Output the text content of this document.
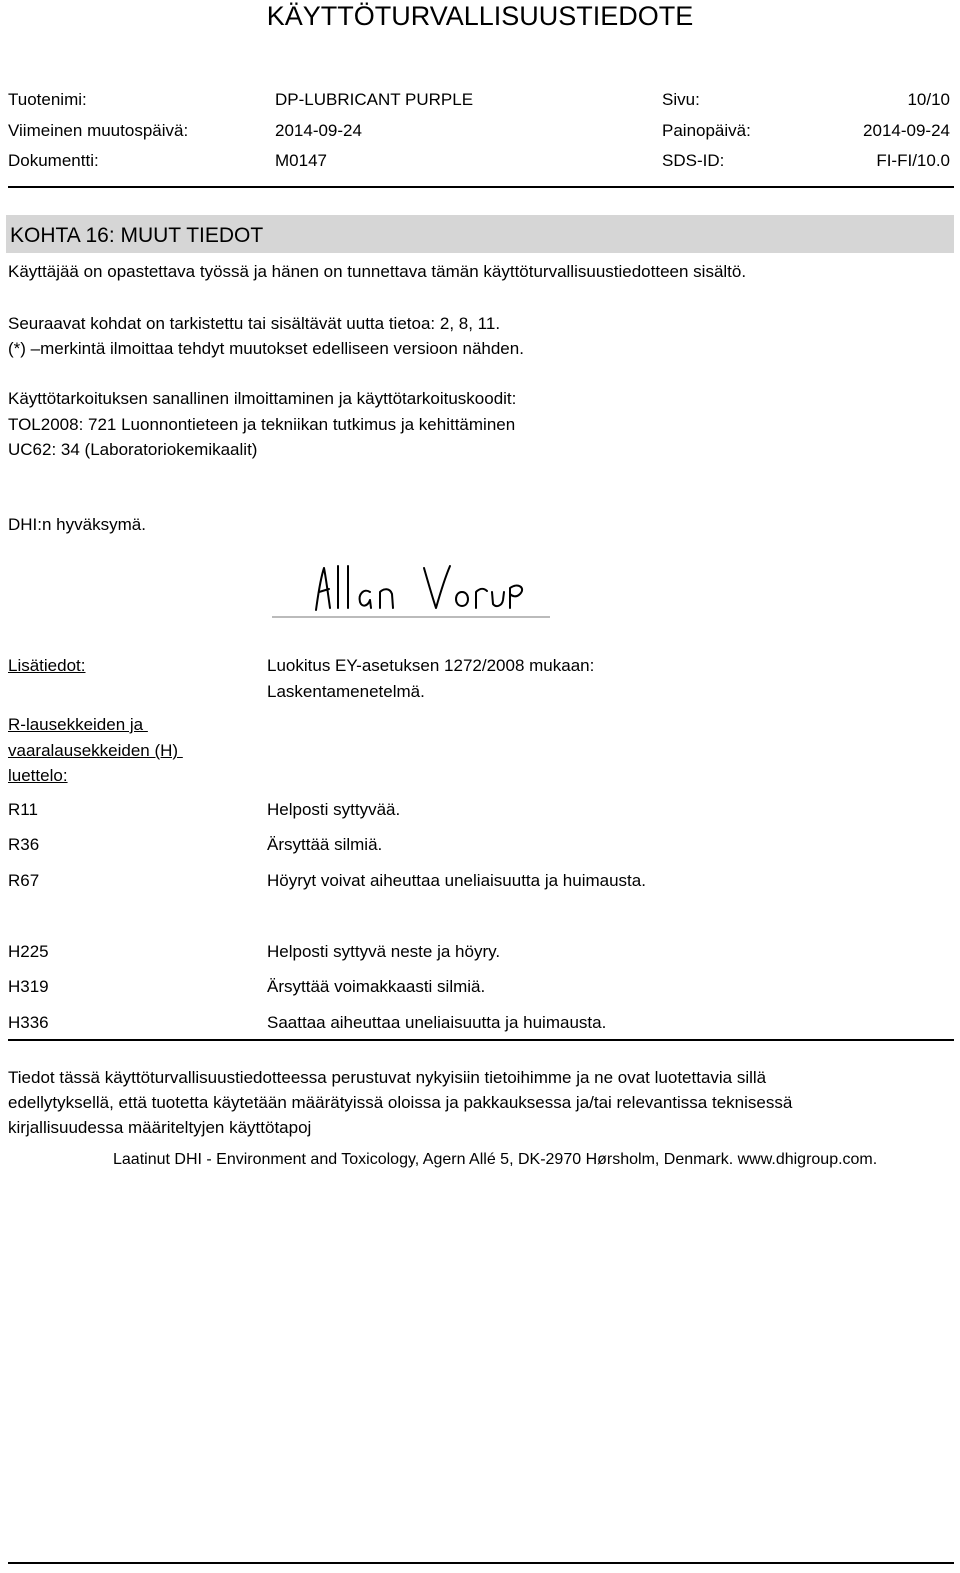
KÄYTTÖTURVALLISUUSTIEDOTE
Tuotenimi:	DP-LUBRICANT PURPLE	Sivu:	10/10
Viimeinen muutospäivä:	2014-09-24	Painopäivä:	2014-09-24
Dokumentti:	M0147	SDS-ID:	FI-FI/10.0
KOHTA 16: MUUT TIEDOT
Käyttäjää on opastettava työssä ja hänen on tunnettava tämän käyttöturvallisuustiedotteen sisältö.
Seuraavat kohdat on tarkistettu tai sisältävät uutta tietoa: 2, 8, 11.
(*) –merkintä ilmoittaa tehdyt muutokset edelliseen versioon nähden.
Käyttötarkoituksen sanallinen ilmoittaminen ja käyttötarkoituskoodit:
TOL2008: 721 Luonnontieteen ja tekniikan tutkimus ja kehittäminen
UC62: 34 (Laboratoriokemikaalit)
DHI:n hyväksymä.
Lisätiedot:	Luokitus EY-asetuksen 1272/2008 mukaan:
Laskentamenetelmä.
R-lausekkeiden ja
vaaralausekkeiden (H)
luettelo:
R11	Helposti syttyvää.
R36	Ärsyttää silmiä.
R67	Höyryt voivat aiheuttaa uneliaisuutta ja huimausta.
H225	Helposti syttyvä neste ja höyry.
H319	Ärsyttää voimakkaasti silmiä.
H336	Saattaa aiheuttaa uneliaisuutta ja huimausta.
Tiedot tässä käyttöturvallisuustiedotteessa perustuvat nykyisiin tietoihimme ja ne ovat luotettavia sillä
edellytyksellä, että tuotetta käytetään määrätyissä oloissa ja pakkauksessa ja/tai relevantissa teknisessä
kirjallisuudessa määriteltyjen käyttötapoj
Laatinut DHI - Environment and Toxicology, Agern Allé 5, DK-2970 Hørsholm, Denmark. www.dhigroup.com.
